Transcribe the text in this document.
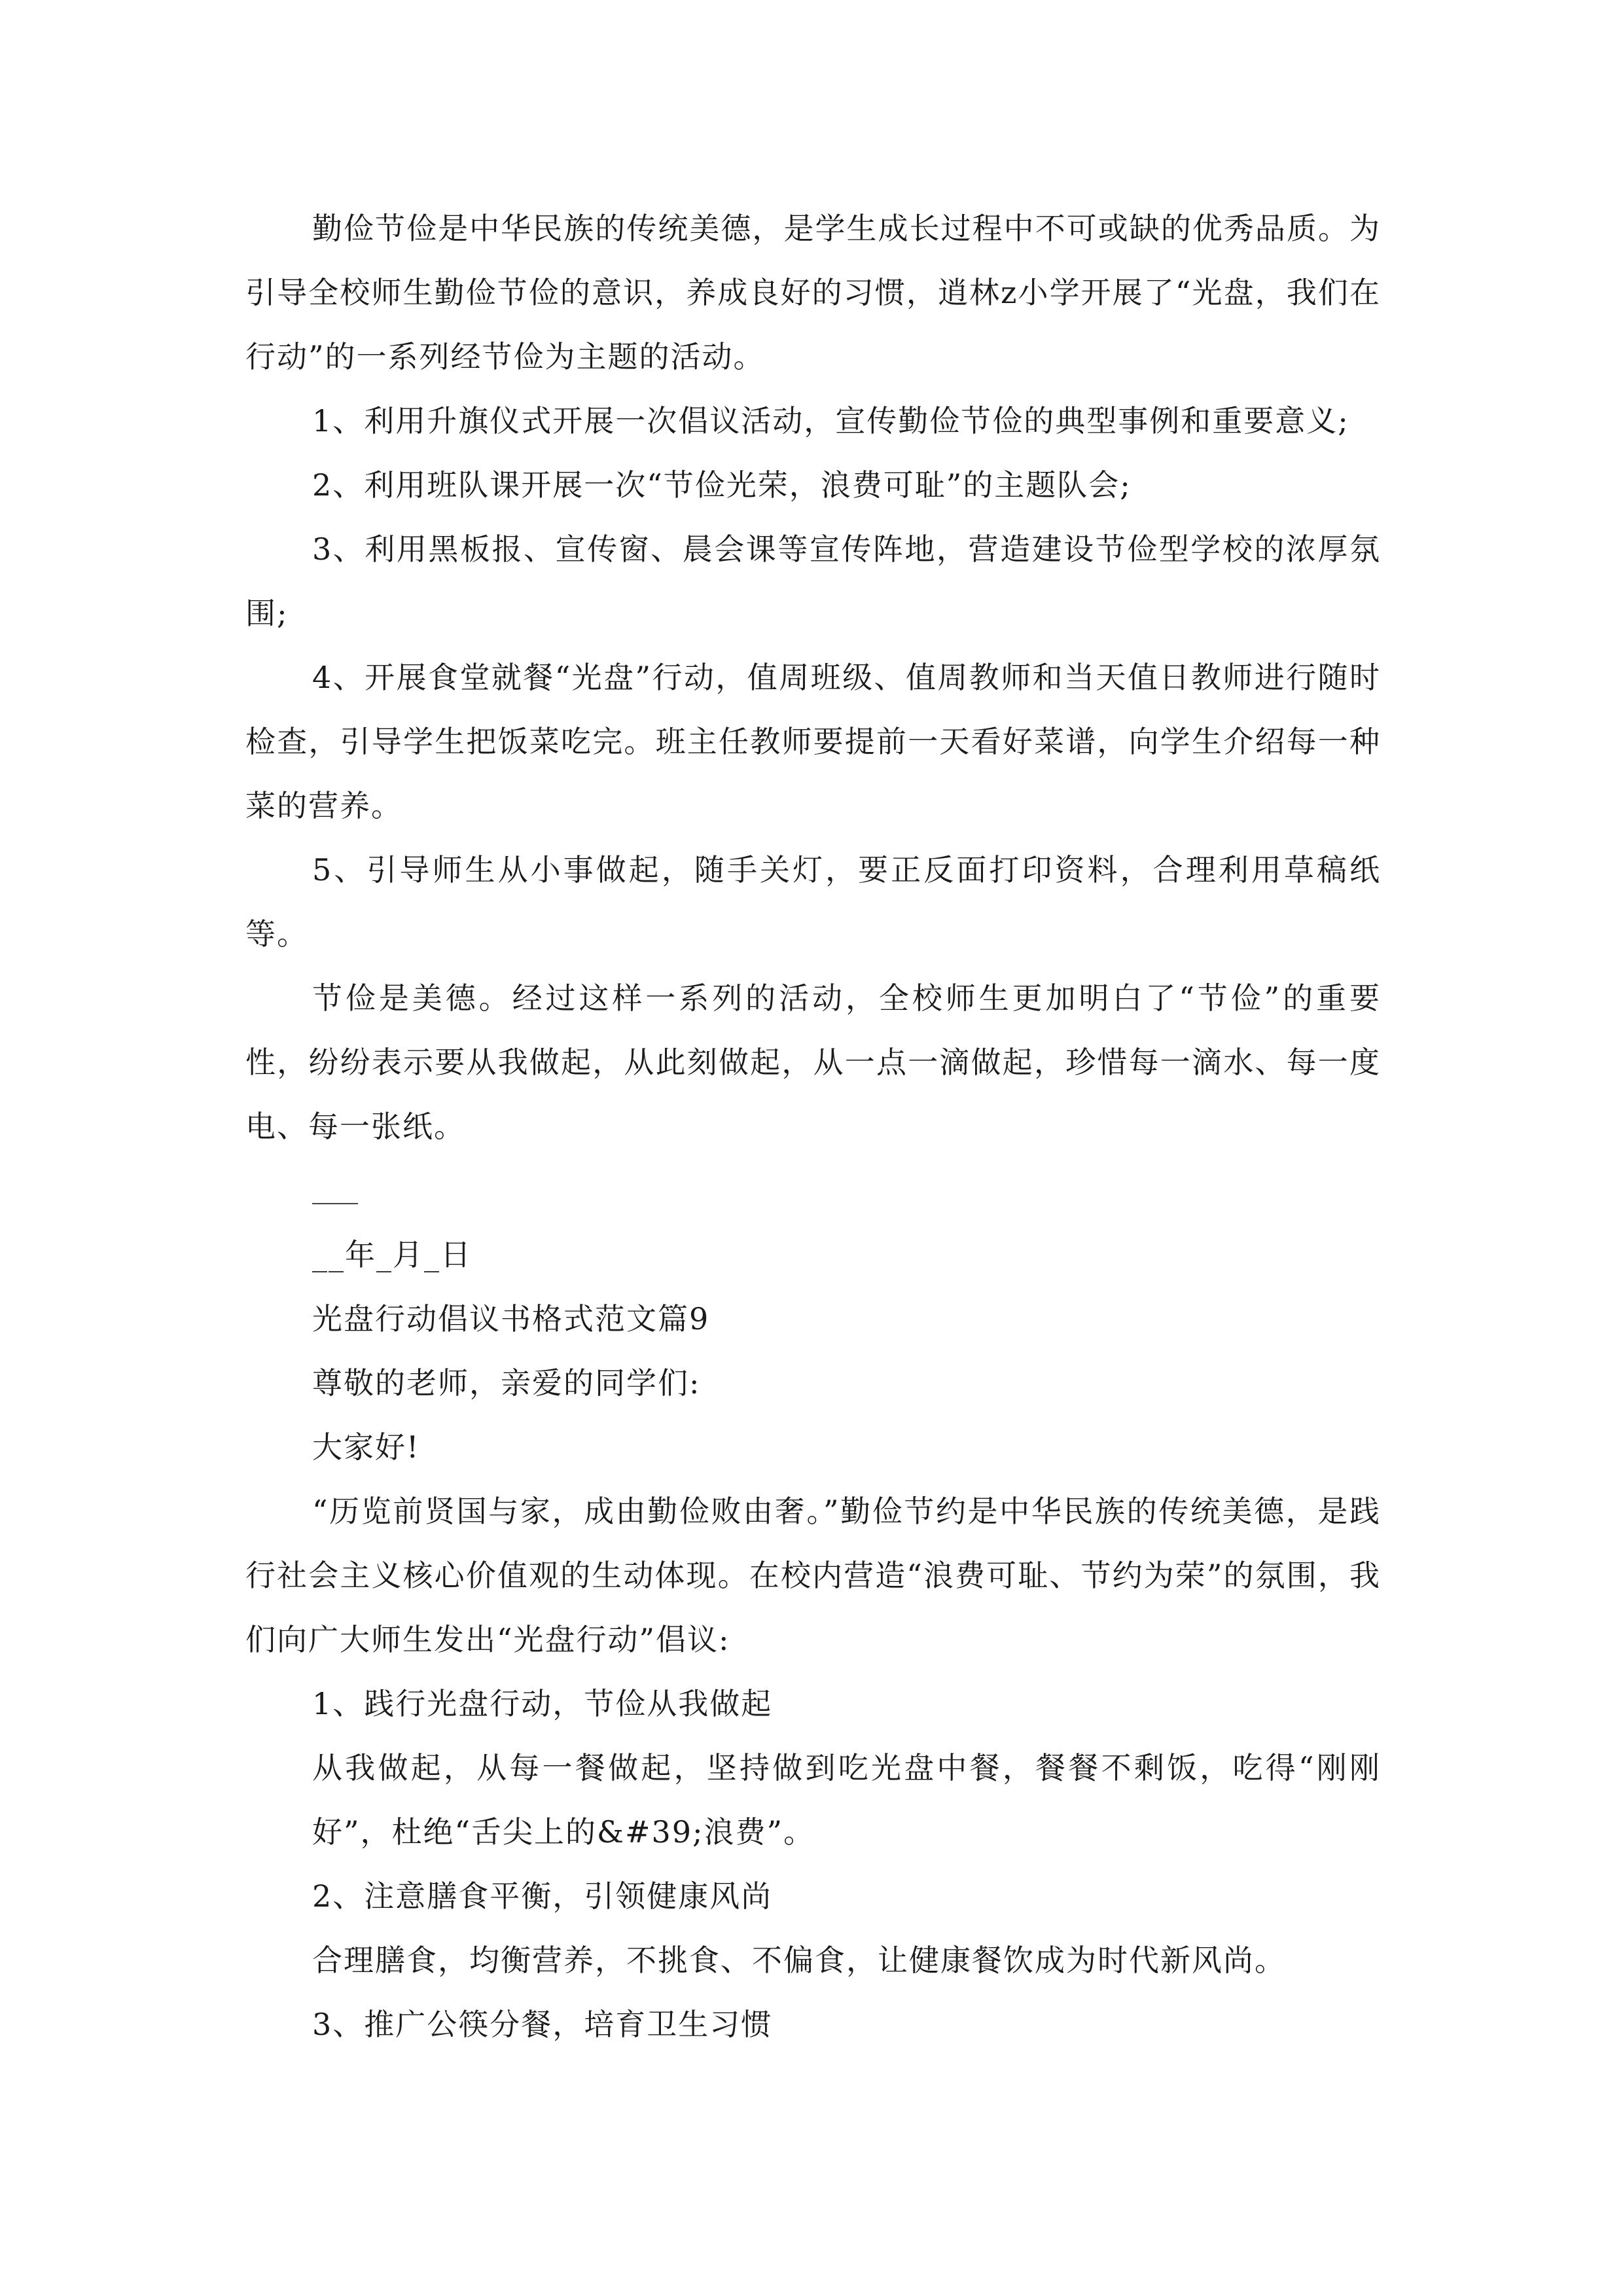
勤俭节俭是中华民族的传统美德，是学生成长过程中不可或缺的优秀品质。为引导全校师生勤俭节俭的意识，养成良好的习惯，逍林z小学开展了“光盘，我们在行动”的一系列经节俭为主题的活动。

1、利用升旗仪式开展一次倡议活动，宣传勤俭节俭的典型事例和重要意义;

2、利用班队课开展一次“节俭光荣，浪费可耻”的主题队会;

3、利用黑板报、宣传窗、晨会课等宣传阵地，营造建设节俭型学校的浓厚氛围;

4、开展食堂就餐“光盘”行动，值周班级、值周教师和当天值日教师进行随时检查，引导学生把饭菜吃完。班主任教师要提前一天看好菜谱，向学生介绍每一种菜的营养。

5、引导师生从小事做起，随手关灯，要正反面打印资料，合理利用草稿纸等。

节俭是美德。经过这样一系列的活动，全校师生更加明白了“节俭”的重要性，纷纷表示要从我做起，从此刻做起，从一点一滴做起，珍惜每一滴水、每一度电、每一张纸。

__年_月_日

光盘行动倡议书格式范文篇9

尊敬的老师，亲爱的同学们:

大家好!

“历览前贤国与家，成由勤俭败由奢。”勤俭节约是中华民族的传统美德，是践行社会主义核心价值观的生动体现。在校内营造“浪费可耻、节约为荣”的氛围，我们向广大师生发出“光盘行动”倡议:

1、践行光盘行动，节俭从我做起

从我做起，从每一餐做起，坚持做到吃光盘中餐，餐餐不剩饭，吃得“刚刚好”，杜绝“舌尖上的&#39;浪费”。

2、注意膳食平衡，引领健康风尚

合理膳食，均衡营养，不挑食、不偏食，让健康餐饮成为时代新风尚。

3、推广公筷分餐，培育卫生习惯
